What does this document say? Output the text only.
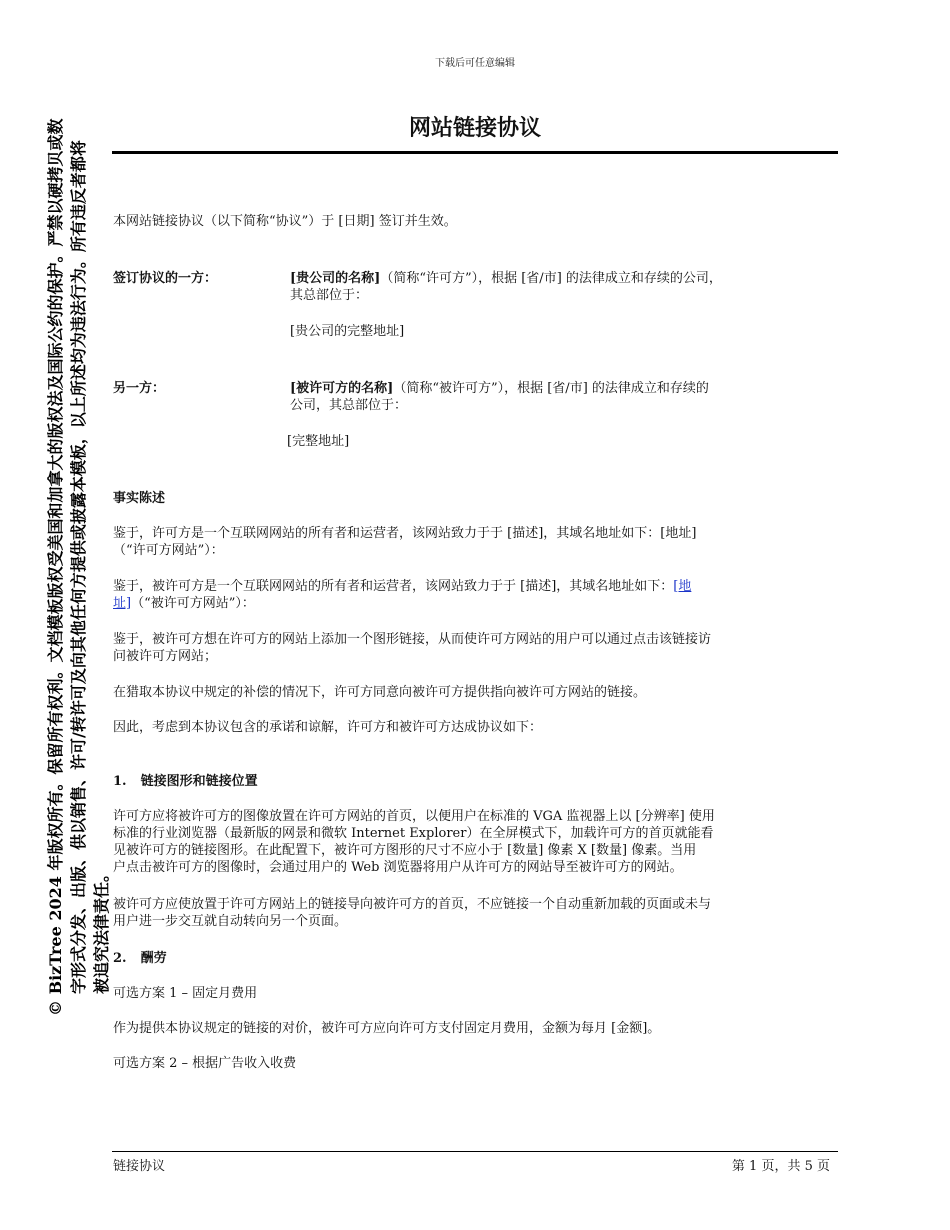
© BizTree 2024 年版权所有。保留所有权利。文档模板版权受美国和加拿大的版权法及国际公约的保护。严禁以硬拷贝或数 字形式分发、出版、供以销售、许可/转许可及向其他任何方提供或披露本模板，以上所述均为违法行为。所有违反者都将 被追究法律责任。
下载后可任意编辑
网站链接协议
本网站链接协议（以下简称“协议”）于 [日期] 签订并生效。
签订协议的一方：	[贵公司的名称]（简称“许可方”），根据 [省/市] 的法律成立和存续的公司，
其总部位于：
[贵公司的完整地址]
另一方：	[被许可方的名称]（简称“被许可方”），根据 [省/市] 的法律成立和存续的
公司，其总部位于：
[完整地址]
事实陈述
鉴于，许可方是一个互联网网站的所有者和运营者，该网站致力于于 [描述]，其域名地址如下：[地址]
（“许可方网站”）：
鉴于，被许可方是一个互联网网站的所有者和运营者，该网站致力于于 [描述]，其域名地址如下：[地
址]（“被许可方网站”）：
鉴于，被许可方想在许可方的网站上添加一个图形链接，从而使许可方网站的用户可以通过点击该链接访
问被许可方网站；
在猎取本协议中规定的补偿的情况下，许可方同意向被许可方提供指向被许可方网站的链接。
因此，考虑到本协议包含的承诺和谅解，许可方和被许可方达成协议如下：
1. 链接图形和链接位置
许可方应将被许可方的图像放置在许可方网站的首页，以便用户在标准的 VGA 监视器上以 [分辨率] 使用
标准的行业浏览器（最新版的网景和微软 Internet Explorer）在全屏模式下，加载许可方的首页就能看
见被许可方的链接图形。在此配置下，被许可方图形的尺寸不应小于 [数量] 像素 X [数量] 像素。当用
户点击被许可方的图像时，会通过用户的 Web 浏览器将用户从许可方的网站导至被许可方的网站。
被许可方应使放置于许可方网站上的链接导向被许可方的首页，不应链接一个自动重新加载的页面或未与
用户进一步交互就自动转向另一个页面。
2. 酬劳
可选方案 1 – 固定月费用
作为提供本协议规定的链接的对价，被许可方应向许可方支付固定月费用，金额为每月 [金额]。
可选方案 2 – 根据广告收入收费
链接协议	第 1 页，共 5 页
